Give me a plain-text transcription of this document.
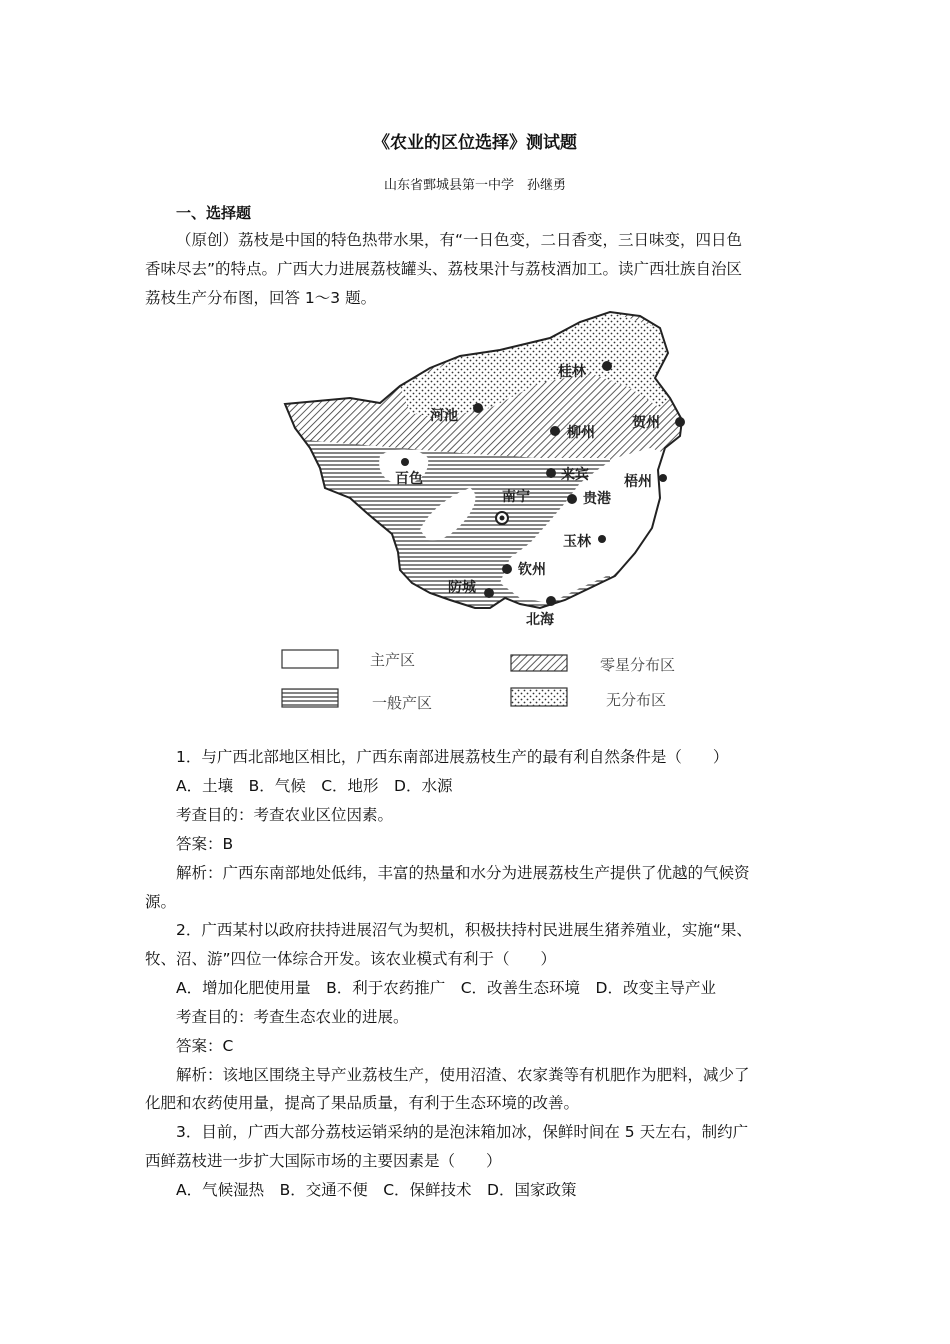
《农业的区位选择》测试题
山东省鄄城县第一中学　孙继勇
一、选择题
（原创）荔枝是中国的特色热带水果，有“一日色变，二日香变，三日味变，四日色
香味尽去”的特点。广西大力进展荔枝罐头、荔枝果汁与荔枝酒加工。读广西壮族自治区
荔枝生产分布图，回答 1～3 题。
桂林
河池
柳州
贺州
百色	来宾	梧州
南宁	贵港
玉林
钦州
防城
北海
主产区	零星分布区
一般产区	无分布区
1．与广西北部地区相比，广西东南部进展荔枝生产的最有利自然条件是（　　）
A．土壤　B．气候　C．地形　D．水源
考查目的：考查农业区位因素。
答案：B
解析：广西东南部地处低纬，丰富的热量和水分为进展荔枝生产提供了优越的气候资
源。
2．广西某村以政府扶持进展沼气为契机，积极扶持村民进展生猪养殖业，实施“果、
牧、沼、游”四位一体综合开发。该农业模式有利于（　　）
A．增加化肥使用量　B．利于农药推广　C．改善生态环境　D．改变主导产业
考查目的：考查生态农业的进展。
答案：C
解析：该地区围绕主导产业荔枝生产，使用沼渣、农家粪等有机肥作为肥料，减少了
化肥和农药使用量，提高了果品质量，有利于生态环境的改善。
3．目前，广西大部分荔枝运销采纳的是泡沫箱加冰，保鲜时间在 5 天左右，制约广
西鲜荔枝进一步扩大国际市场的主要因素是（　　）
A．气候湿热　B．交通不便　C．保鲜技术　D．国家政策
